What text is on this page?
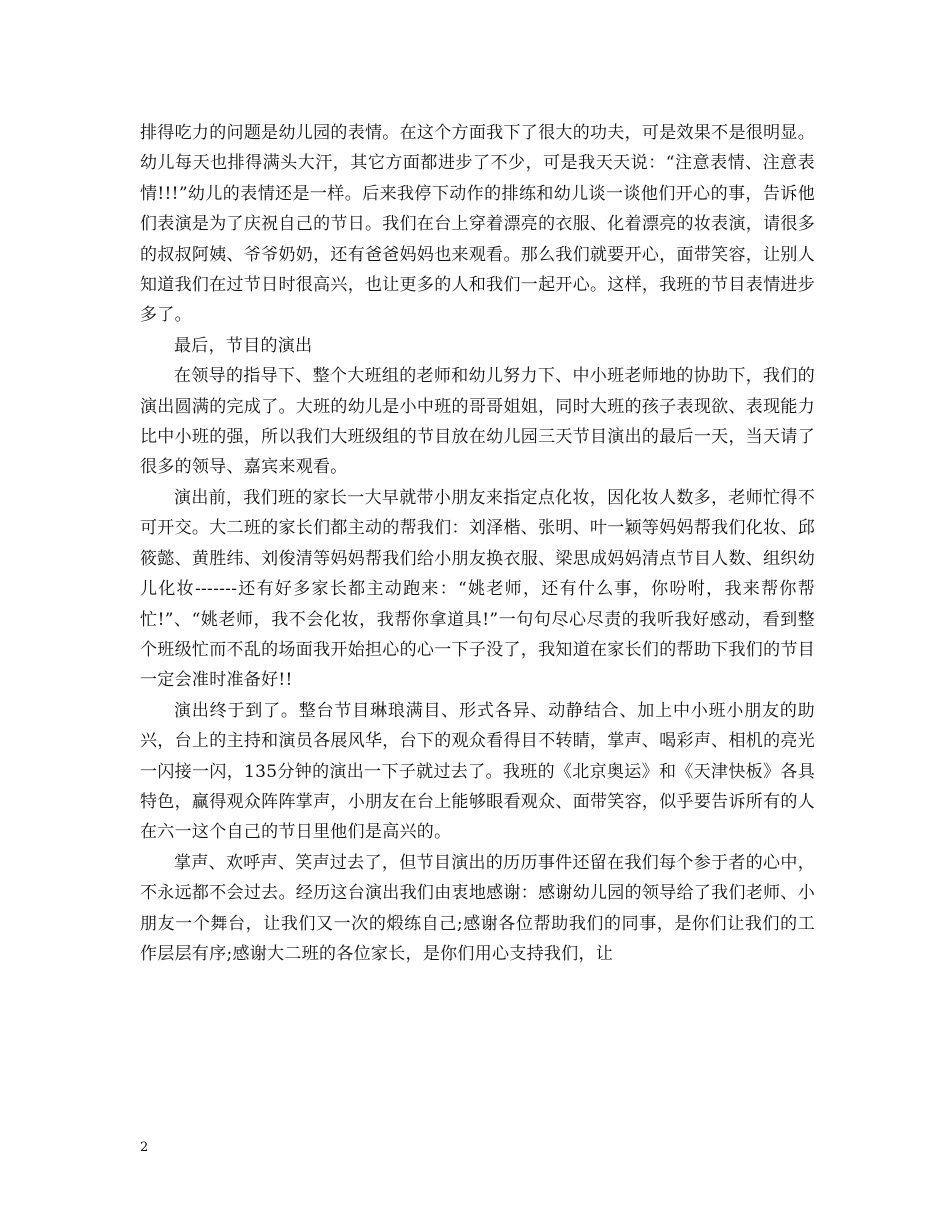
排得吃力的问题是幼儿园的表情。在这个方面我下了很大的功夫，可是效果不是很明显。幼儿每天也排得满头大汗，其它方面都进步了不少，可是我天天说：“注意表情、注意表情!!!”幼儿的表情还是一样。后来我停下动作的排练和幼儿谈一谈他们开心的事，告诉他们表演是为了庆祝自己的节日。我们在台上穿着漂亮的衣服、化着漂亮的妆表演，请很多的叔叔阿姨、爷爷奶奶，还有爸爸妈妈也来观看。那么我们就要开心，面带笑容，让别人知道我们在过节日时很高兴，也让更多的人和我们一起开心。这样，我班的节目表情进步多了。

最后，节目的演出

在领导的指导下、整个大班组的老师和幼儿努力下、中小班老师地的协助下，我们的演出圆满的完成了。大班的幼儿是小中班的哥哥姐姐，同时大班的孩子表现欲、表现能力比中小班的强，所以我们大班级组的节目放在幼儿园三天节目演出的最后一天，当天请了很多的领导、嘉宾来观看。

演出前，我们班的家长一大早就带小朋友来指定点化妆，因化妆人数多，老师忙得不可开交。大二班的家长们都主动的帮我们：刘泽楷、张明、叶一颖等妈妈帮我们化妆、邱筱懿、黄胜纬、刘俊清等妈妈帮我们给小朋友换衣服、梁思成妈妈清点节目人数、组织幼儿化妆-------还有好多家长都主动跑来：“姚老师，还有什么事，你吩咐，我来帮你帮忙!”、“姚老师，我不会化妆，我帮你拿道具!”一句句尽心尽责的我听我好感动，看到整个班级忙而不乱的场面我开始担心的心一下子没了，我知道在家长们的帮助下我们的节目一定会准时准备好!!

演出终于到了。整台节目琳琅满目、形式各异、动静结合、加上中小班小朋友的助兴，台上的主持和演员各展风华，台下的观众看得目不转睛，掌声、喝彩声、相机的亮光一闪接一闪，135分钟的演出一下子就过去了。我班的《北京奥运》和《天津快板》各具特色，赢得观众阵阵掌声，小朋友在台上能够眼看观众、面带笑容，似乎要告诉所有的人在六一这个自己的节日里他们是高兴的。

掌声、欢呼声、笑声过去了，但节目演出的历历事件还留在我们每个参于者的心中，不永远都不会过去。经历这台演出我们由衷地感谢：感谢幼儿园的领导给了我们老师、小朋友一个舞台，让我们又一次的煅练自己;感谢各位帮助我们的同事，是你们让我们的工作层层有序;感谢大二班的各位家长，是你们用心支持我们，让

2
